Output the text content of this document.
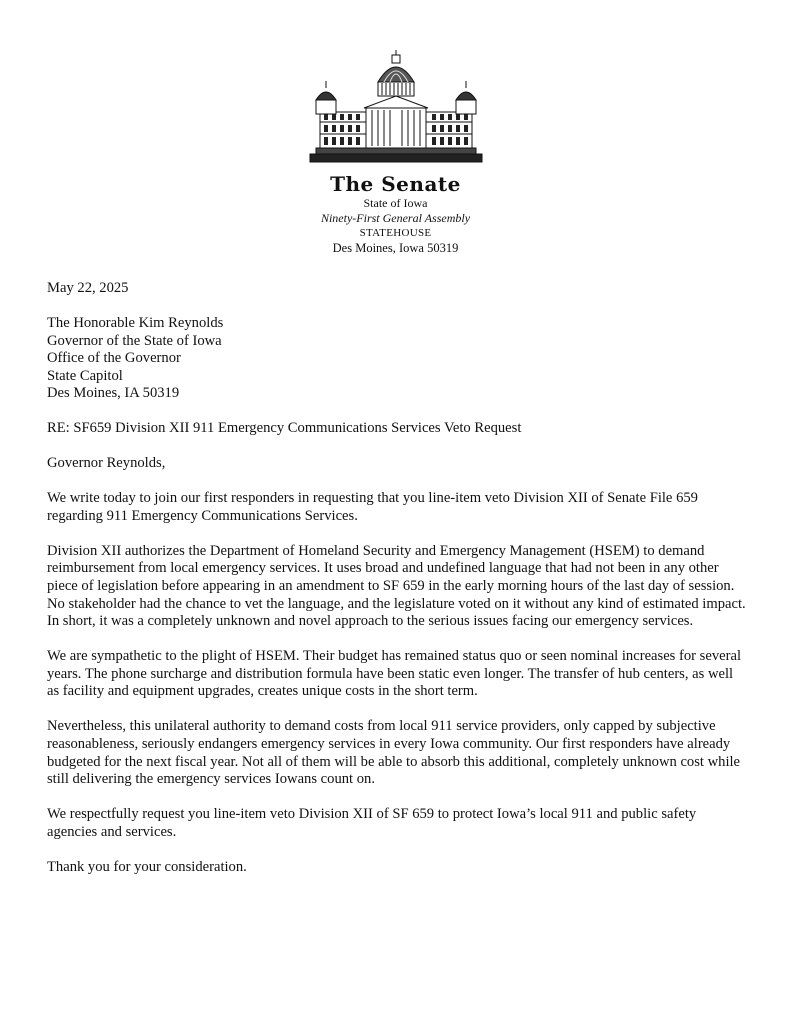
The Senate
State of Iowa
Ninety-First General Assembly
STATEHOUSE
Des Moines, Iowa 50319

May 22, 2025

The Honorable Kim Reynolds
Governor of the State of Iowa
Office of the Governor
State Capitol
Des Moines, IA 50319

RE: SF659 Division XII 911 Emergency Communications Services Veto Request

Governor Reynolds,

We write today to join our first responders in requesting that you line-item veto Division XII of Senate File 659 regarding 911 Emergency Communications Services.

Division XII authorizes the Department of Homeland Security and Emergency Management (HSEM) to demand reimbursement from local emergency services. It uses broad and undefined language that had not been in any other piece of legislation before appearing in an amendment to SF 659 in the early morning hours of the last day of session. No stakeholder had the chance to vet the language, and the legislature voted on it without any kind of estimated impact. In short, it was a completely unknown and novel approach to the serious issues facing our emergency services.

We are sympathetic to the plight of HSEM. Their budget has remained status quo or seen nominal increases for several years. The phone surcharge and distribution formula have been static even longer. The transfer of hub centers, as well as facility and equipment upgrades, creates unique costs in the short term.

Nevertheless, this unilateral authority to demand costs from local 911 service providers, only capped by subjective reasonableness, seriously endangers emergency services in every Iowa community. Our first responders have already budgeted for the next fiscal year. Not all of them will be able to absorb this additional, completely unknown cost while still delivering the emergency services Iowans count on.

We respectfully request you line-item veto Division XII of SF 659 to protect Iowa’s local 911 and public safety agencies and services.

Thank you for your consideration.
